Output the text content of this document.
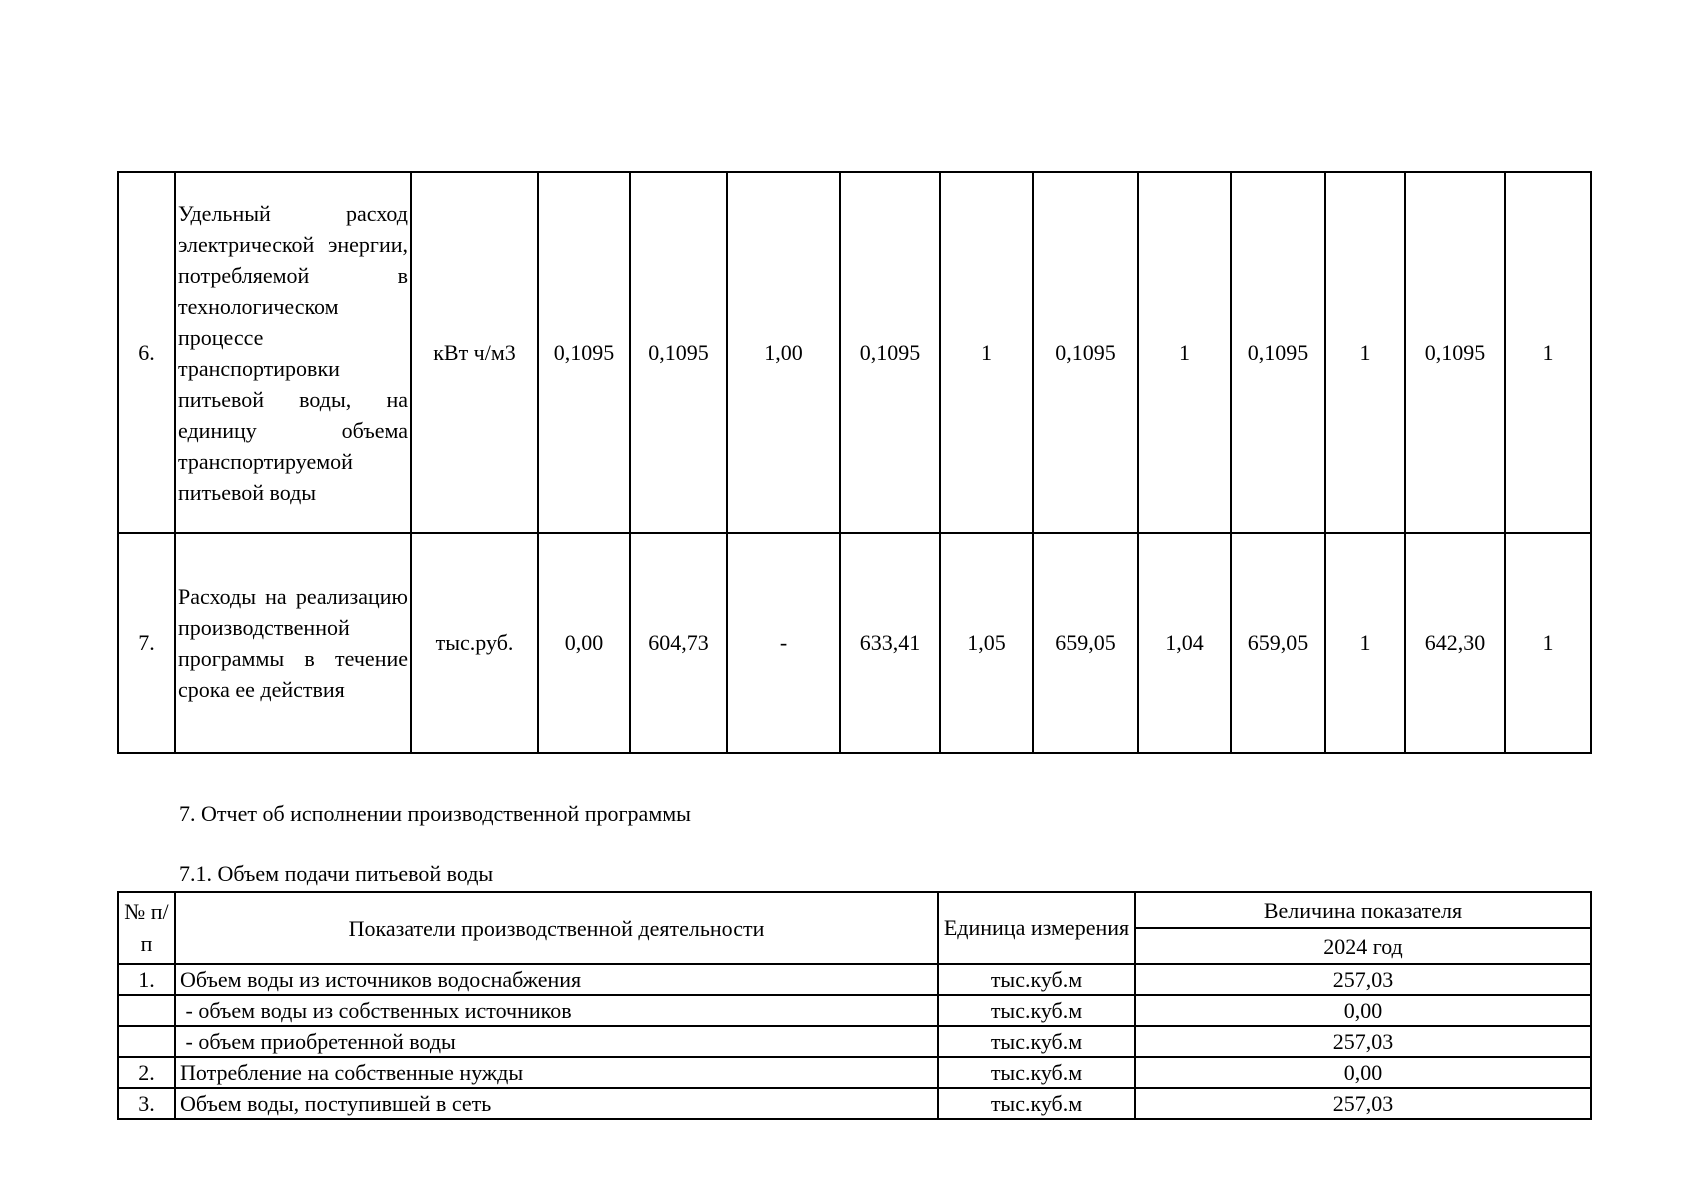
6.	Удельный расход электрической энергии, потребляемой в технологическом процессе транспортировки питьевой воды, на единицу объема транспортируемой питьевой воды	кВт ч/м3	0,1095	0,1095	1,00	0,1095	1	0,1095	1	0,1095	1	0,1095	1
7.	Расходы на реализацию производственной программы в течение срока ее действия	тыс.руб.	0,00	604,73	-	633,41	1,05	659,05	1,04	659,05	1	642,30	1
7. Отчет об исполнении производственной программы
7.1. Объем подачи питьевой воды
№ п/п	Показатели производственной деятельности	Единица измерения	Величина показателя
			2024 год
1.	Объем воды из источников водоснабжения	тыс.куб.м	257,03
	- объем воды из собственных источников	тыс.куб.м	0,00
	- объем приобретенной воды	тыс.куб.м	257,03
2.	Потребление на собственные нужды	тыс.куб.м	0,00
3.	Объем воды, поступившей в сеть	тыс.куб.м	257,03
